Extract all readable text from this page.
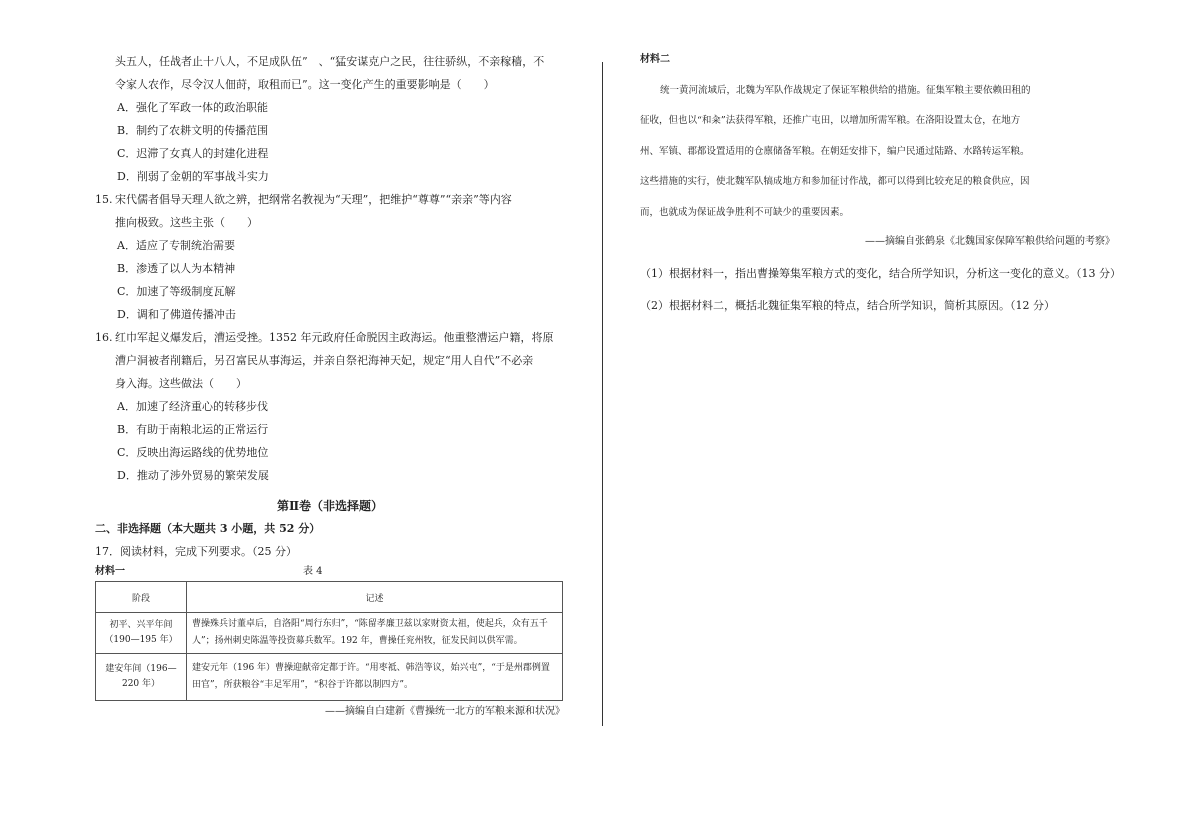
头五人，任战者止十八人，不足成队伍”　、“猛安谋克户之民，往往骄纵，不亲稼穑，不

令家人农作，尽令汉人佃莳，取租而已”。这一变化产生的重要影响是（　　）

A．强化了军政一体的政治职能
B．制约了农耕文明的传播范围
C．迟滞了女真人的封建化进程
D．削弱了金朝的军事战斗实力

15. 宋代儒者倡导天理人欲之辨，把纲常名教视为“天理”，把维护“尊尊”“亲亲”等内容

推向极致。这些主张（　　）

A．适应了专制统治需要
B．渗透了以人为本精神
C．加速了等级制度瓦解
D．调和了佛道传播冲击

16. 红巾军起义爆发后，漕运受挫。1352 年元政府任命脱因主政海运。他重整漕运户籍，将原

漕户洞被者削籍后，另召富民从事海运，并亲自祭祀海神天妃，规定“用人自代”不必亲

身入海。这些做法（　　）

A．加速了经济重心的转移步伐
B．有助于南粮北运的正常运行
C．反映出海运路线的优势地位
D．推动了涉外贸易的繁荣发展
第Ⅱ卷（非选择题）

二、非选择题（本大题共 3 小题，共 52 分）

17．阅读材料，完成下列要求。（25 分）

材料一	表 4
阶段	记述
初平、兴平年间（190—195 年）	曹操殊兵讨董卓后，自洛阳“周行东归”，“陈留孝廉卫兹以家财资太祖，使起兵，众有五千人”；扬州刺史陈温等投资募兵数军。192 年，曹操任兖州牧，征发民间以供军需。
建安年间（196—220 年）	建安元年（196 年）曹操迎献帝定都于许。“用枣祗、韩浩等议，始兴屯”，“于是州郡例置田官”，所获粮谷“丰足军用”，“积谷于许都以制四方”。
——摘编自白建新《曹操统一北方的军粮来源和状况》

材料二

统一黄河流域后，北魏为军队作战规定了保证军粮供给的措施。征集军粮主要依赖田租的

征收，但也以“和籴”法获得军粮，还推广屯田，以增加所需军粮。在洛阳设置太仓，在地方

州、军镇、郡都设置适用的仓廪储备军粮。在朝廷安排下，编户民通过陆路、水路转运军粮。

这些措施的实行，使北魏军队犒成地方和参加征讨作战，都可以得到比较充足的粮食供应，因

而，也就成为保证战争胜利不可缺少的重要因素。

——摘编自张鹤泉《北魏国家保障军粮供给问题的考察》

（1）根据材料一，指出曹操筹集军粮方式的变化，结合所学知识，分析这一变化的意义。（13 分）

（2）根据材料二，概括北魏征集军粮的特点，结合所学知识，简析其原因。（12 分）
